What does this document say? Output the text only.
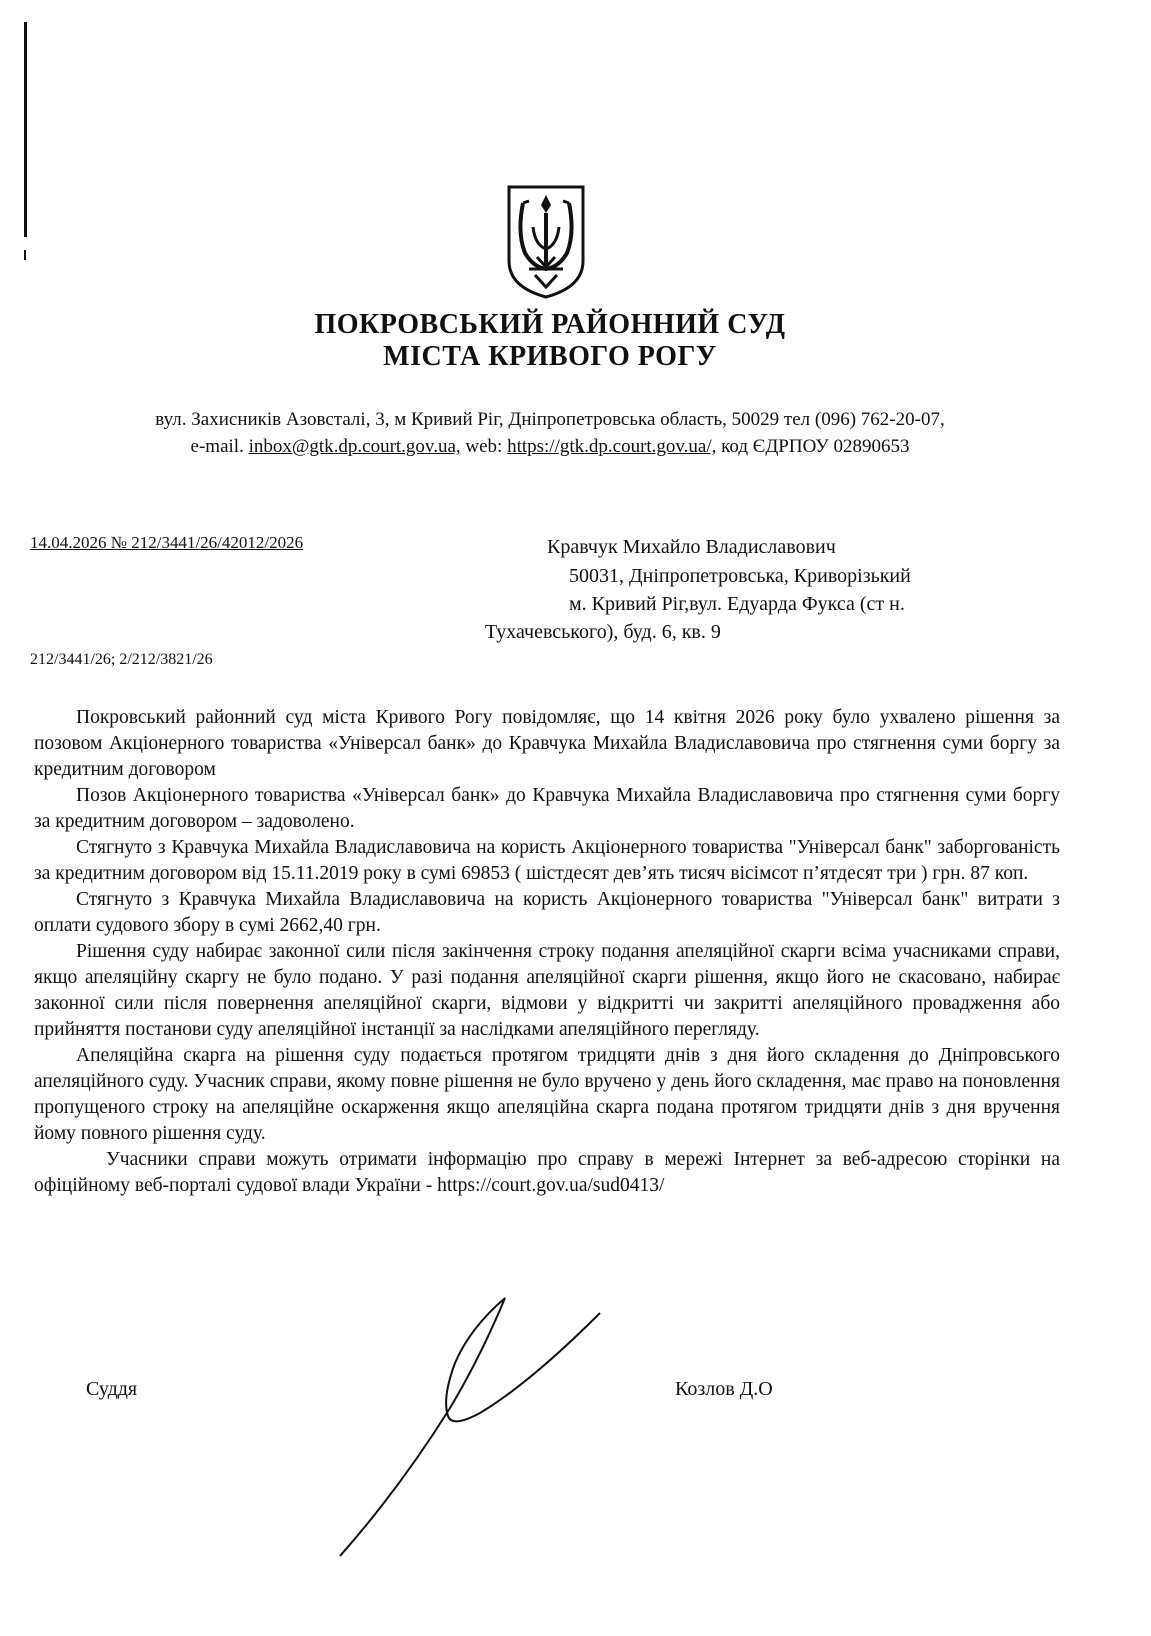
ПОКРОВСЬКИЙ РАЙОННИЙ СУД
МІСТА КРИВОГО РОГУ
вул. Захисників Азовсталі, 3, м Кривий Ріг, Дніпропетровська область, 50029 тел (096) 762-20-07,
e-mail. inbox@gtk.dp.court.gov.ua, web: https://gtk.dp.court.gov.ua/, код ЄДРПОУ 02890653
14.04.2026 № 212/3441/26/42012/2026	Кравчук Михайло Владиславович
50031, Дніпропетровська, Криворізький
м. Кривий Ріг,вул. Едуарда Фукса (ст н.
Тухачевського), буд. 6, кв. 9
212/3441/26; 2/212/3821/26

Покровський районний суд міста Кривого Рогу повідомляє, що 14 квітня 2026 року було ухвалено рішення за позовом Акціонерного товариства «Універсал банк» до Кравчука Михайла Владиславовича про стягнення суми боргу за кредитним договором

Позов Акціонерного товариства «Універсал банк» до Кравчука Михайла Владиславовича про стягнення суми боргу за кредитним договором – задоволено.

Стягнуто з Кравчука Михайла Владиславовича на користь Акціонерного товариства "Універсал банк" заборгованість за кредитним договором від 15.11.2019 року в сумі 69853 ( шістдесят дев’ять тисяч вісімсот п’ятдесят три ) грн. 87 коп.

Стягнуто з Кравчука Михайла Владиславовича на користь Акціонерного товариства "Універсал банк" витрати з оплати судового збору в сумі 2662,40 грн.

Рішення суду набирає законної сили після закінчення строку подання апеляційної скарги всіма учасниками справи, якщо апеляційну скаргу не було подано. У разі подання апеляційної скарги рішення, якщо його не скасовано, набирає законної сили після повернення апеляційної скарги, відмови у відкритті чи закритті апеляційного провадження або прийняття постанови суду апеляційної інстанції за наслідками апеляційного перегляду.

Апеляційна скарга на рішення суду подається протягом тридцяти днів з дня його складення до Дніпровського апеляційного суду. Учасник справи, якому повне рішення не було вручено у день його складення, має право на поновлення пропущеного строку на апеляційне оскарження якщо апеляційна скарга подана протягом тридцяти днів з дня вручення йому повного рішення суду.

Учасники справи можуть отримати інформацію про справу в мережі Інтернет за веб-адресою сторінки на офіційному веб-порталі судової влади України - https://court.gov.ua/sud0413/

Суддя	Козлов Д.О
